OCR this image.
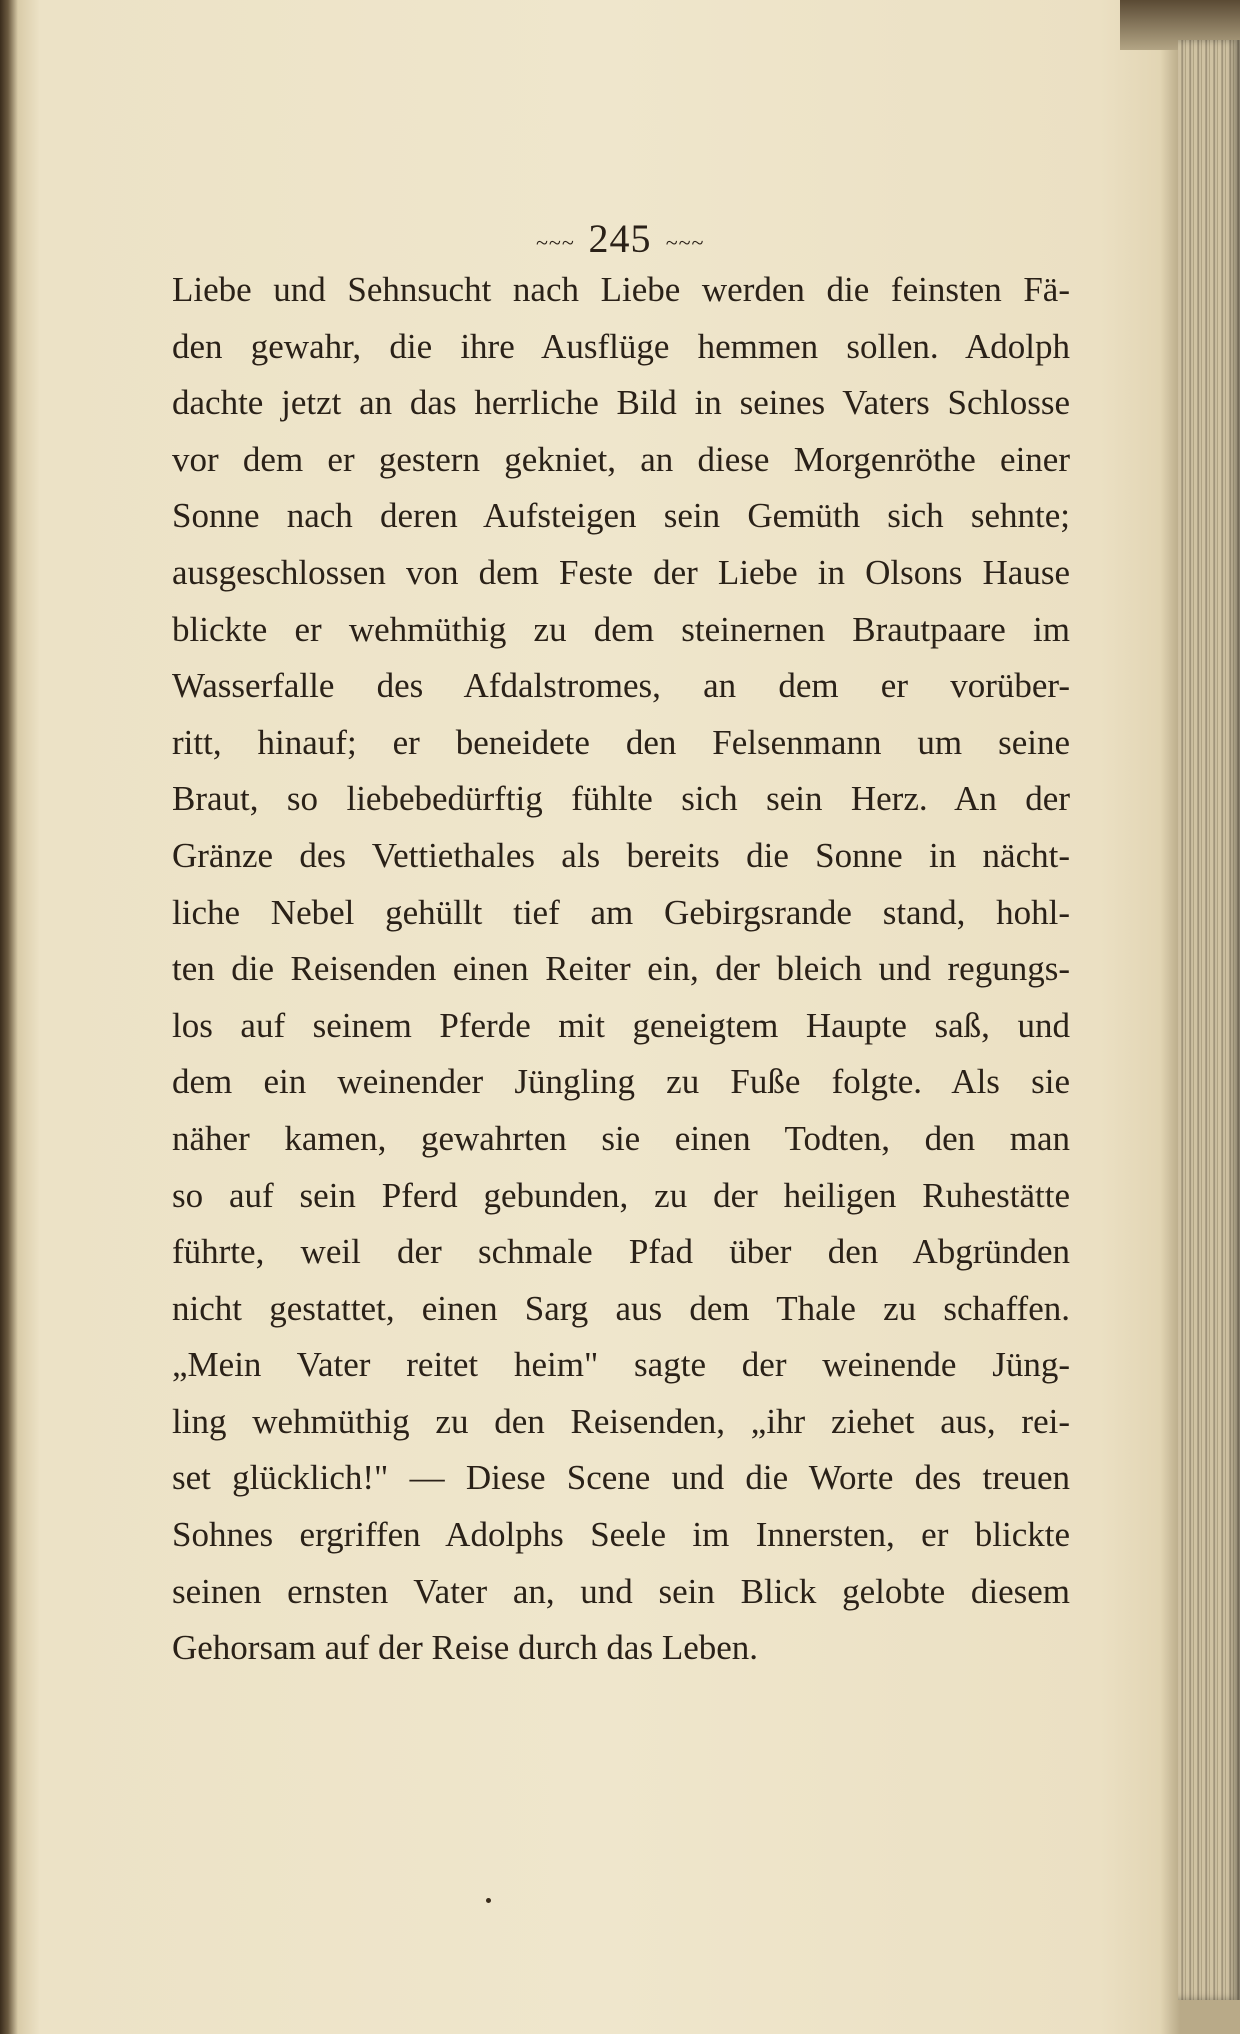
~~~ 245 ~~~
Liebe und Sehnsucht nach Liebe werden die feinsten Fä-
den gewahr, die ihre Ausflüge hemmen sollen. Adolph
dachte jetzt an das herrliche Bild in seines Vaters Schlosse
vor dem er gestern gekniet, an diese Morgenröthe einer
Sonne nach deren Aufsteigen sein Gemüth sich sehnte;
ausgeschlossen von dem Feste der Liebe in Olsons Hause
blickte er wehmüthig zu dem steinernen Brautpaare im
Wasserfalle des Afdalstromes, an dem er vorüber-
ritt, hinauf; er beneidete den Felsenmann um seine
Braut, so liebebedürftig fühlte sich sein Herz. An der
Gränze des Vettiethales als bereits die Sonne in nächt-
liche Nebel gehüllt tief am Gebirgsrande stand, hohl-
ten die Reisenden einen Reiter ein, der bleich und regungs-
los auf seinem Pferde mit geneigtem Haupte saß, und
dem ein weinender Jüngling zu Fuße folgte. Als sie
näher kamen, gewahrten sie einen Todten, den man
so auf sein Pferd gebunden, zu der heiligen Ruhestätte
führte, weil der schmale Pfad über den Abgründen
nicht gestattet, einen Sarg aus dem Thale zu schaffen.
„Mein Vater reitet heim" sagte der weinende Jüng-
ling wehmüthig zu den Reisenden, „ihr ziehet aus, rei-
set glücklich!" — Diese Scene und die Worte des treuen
Sohnes ergriffen Adolphs Seele im Innersten, er blickte
seinen ernsten Vater an, und sein Blick gelobte diesem
Gehorsam auf der Reise durch das Leben.
